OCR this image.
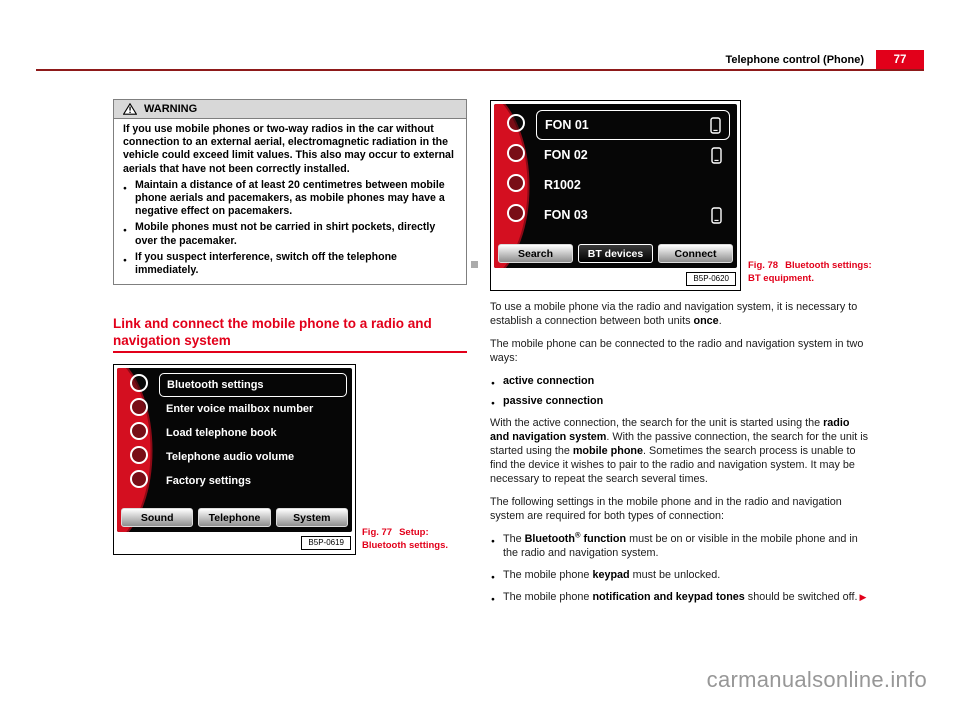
Telephone control (Phone)	77
WARNING
If you use mobile phones or two-way radios in the car without connection to an external aerial, electromagnetic radiation in the vehicle could exceed limit values. This also may occur to external aerials that have not been correctly installed.
● Maintain a distance of at least 20 centimetres between mobile phone aerials and pacemakers, as mobile phones may have a negative effect on pacemakers.
● Mobile phones must not be carried in shirt pockets, directly over the pacemaker.
● If you suspect interference, switch off the telephone immediately.
Link and connect the mobile phone to a radio and navigation system
Bluetooth settings
Enter voice mailbox number
Load telephone book
Telephone audio volume
Factory settings
Sound	Telephone	System
B5P-0619
Fig. 77 Setup: Bluetooth settings.
FON 01
FON 02
R1002
FON 03
Search	BT devices	Connect
B5P-0620
Fig. 78 Bluetooth settings: BT equipment.

To use a mobile phone via the radio and navigation system, it is necessary to establish a connection between both units once.

The mobile phone can be connected to the radio and navigation system in two ways:

● active connection
● passive connection

With the active connection, the search for the unit is started using the radio and navigation system. With the passive connection, the search for the unit is started using the mobile phone. Sometimes the search process is unable to find the device it wishes to pair to the radio and navigation system. It may be necessary to repeat the search several times.

The following settings in the mobile phone and in the radio and navigation system are required for both types of connection:

● The Bluetooth® function must be on or visible in the mobile phone and in the radio and navigation system.
● The mobile phone keypad must be unlocked.
● The mobile phone notification and keypad tones should be switched off. ▶
carmanualsonline.info
